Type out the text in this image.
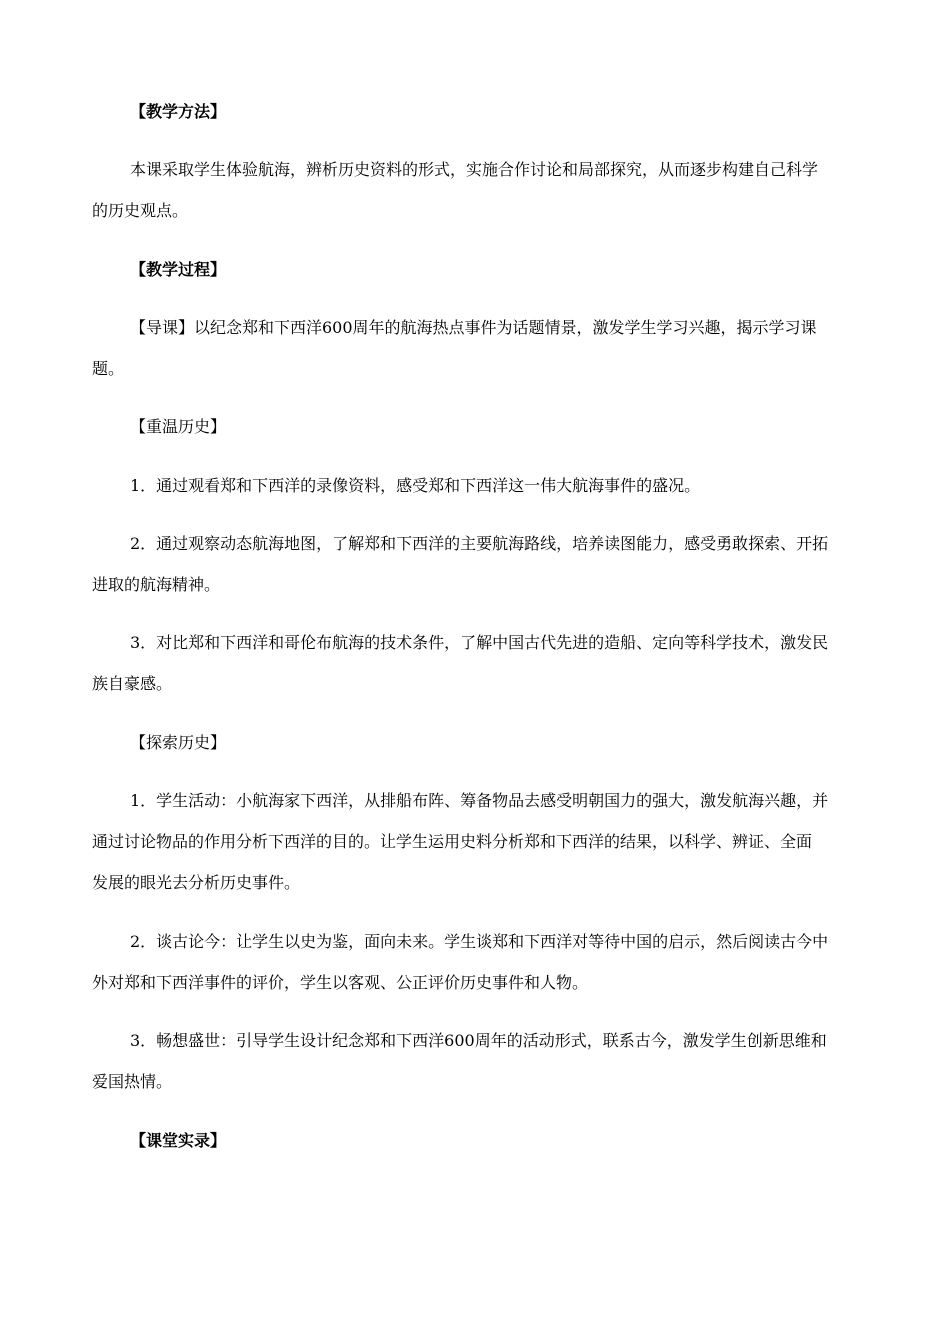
【教学方法】
本课采取学生体验航海，辨析历史资料的形式，实施合作讨论和局部探究，从而逐步构建自己科学
的历史观点。
【教学过程】
【导课】以纪念郑和下西洋600周年的航海热点事件为话题情景，激发学生学习兴趣，揭示学习课
题。
【重温历史】
1．通过观看郑和下西洋的录像资料，感受郑和下西洋这一伟大航海事件的盛况。
2．通过观察动态航海地图，了解郑和下西洋的主要航海路线，培养读图能力，感受勇敢探索、开拓
进取的航海精神。
3．对比郑和下西洋和哥伦布航海的技术条件，了解中国古代先进的造船、定向等科学技术，激发民
族自豪感。
【探索历史】
1．学生活动：小航海家下西洋，从排船布阵、筹备物品去感受明朝国力的强大，激发航海兴趣，并
通过讨论物品的作用分析下西洋的目的。让学生运用史料分析郑和下西洋的结果，以科学、辨证、全面
发展的眼光去分析历史事件。
2．谈古论今：让学生以史为鉴，面向未来。学生谈郑和下西洋对等待中国的启示，然后阅读古今中
外对郑和下西洋事件的评价，学生以客观、公正评价历史事件和人物。
3．畅想盛世：引导学生设计纪念郑和下西洋600周年的活动形式，联系古今，激发学生创新思维和
爱国热情。
【课堂实录】
